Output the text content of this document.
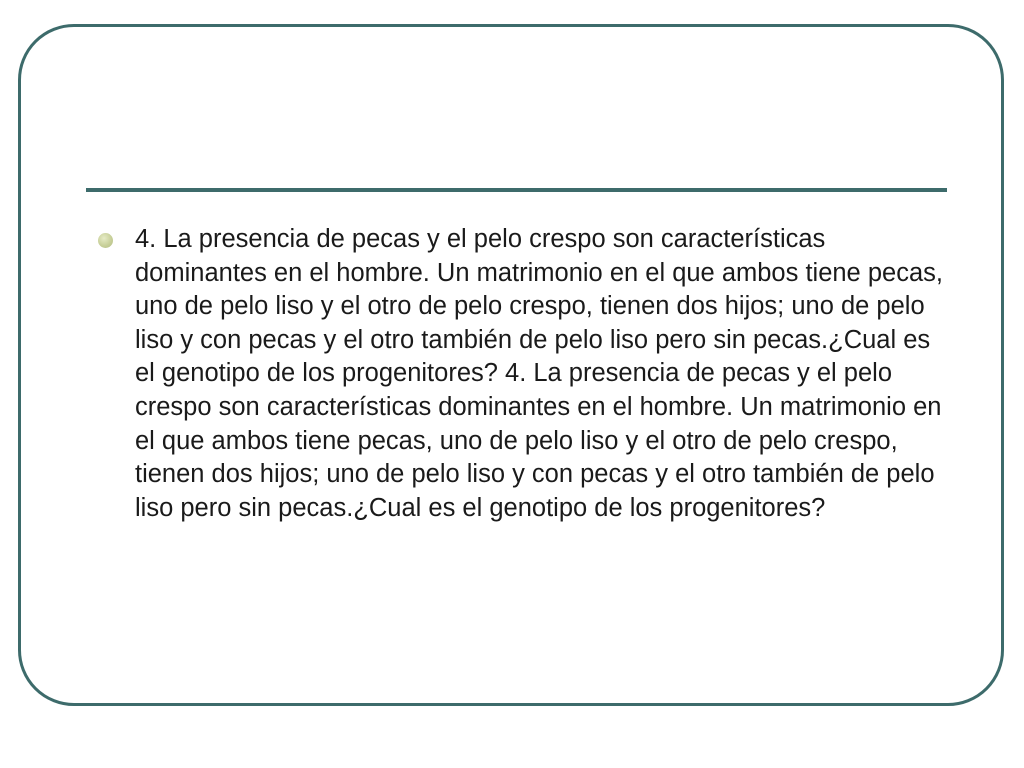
4. La presencia de pecas y el pelo crespo son características dominantes en el hombre. Un matrimonio en el que ambos tiene pecas, uno de pelo liso y el otro de pelo crespo, tienen dos hijos; uno de pelo liso y con pecas y el otro también de pelo liso pero sin pecas.¿Cual es el genotipo de los progenitores? 4. La presencia de pecas y el pelo crespo son características dominantes en el hombre. Un matrimonio en el que ambos tiene pecas, uno de pelo liso y el otro de pelo crespo, tienen dos hijos; uno de pelo liso y con pecas y el otro también de pelo liso pero sin pecas.¿Cual es el genotipo de los progenitores?
